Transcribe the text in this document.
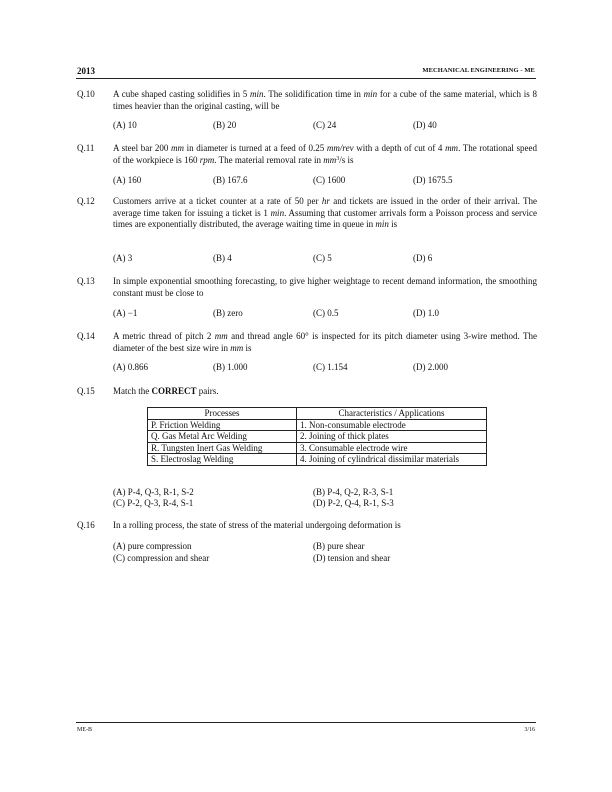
2013	MECHANICAL ENGINEERING - ME
Q.10 A cube shaped casting solidifies in 5 min. The solidification time in min for a cube of the same material, which is 8 times heavier than the original casting, will be
(A) 10	(B) 20	(C) 24	(D) 40
Q.11 A steel bar 200 mm in diameter is turned at a feed of 0.25 mm/rev with a depth of cut of 4 mm. The rotational speed of the workpiece is 160 rpm. The material removal rate in $mm^3/s$ is
(A) 160	(B) 167.6	(C) 1600	(D) 1675.5
Q.12 Customers arrive at a ticket counter at a rate of 50 per hr and tickets are issued in the order of their arrival. The average time taken for issuing a ticket is 1 min. Assuming that customer arrivals form a Poisson process and service times are exponentially distributed, the average waiting time in queue in min is
(A) 3	(B) 4	(C) 5	(D) 6
Q.13 In simple exponential smoothing forecasting, to give higher weightage to recent demand information, the smoothing constant must be close to
(A) −1	(B) zero	(C) 0.5	(D) 1.0
Q.14 A metric thread of pitch 2 mm and thread angle 60° is inspected for its pitch diameter using 3-wire method. The diameter of the best size wire in mm is
(A) 0.866	(B) 1.000	(C) 1.154	(D) 2.000
Q.15 Match the CORRECT pairs.
Processes	Characteristics / Applications
P. Friction Welding	1. Non-consumable electrode
Q. Gas Metal Arc Welding	2. Joining of thick plates
R. Tungsten Inert Gas Welding	3. Consumable electrode wire
S. Electroslag Welding	4. Joining of cylindrical dissimilar materials
(A) P-4, Q-3, R-1, S-2	(B) P-4, Q-2, R-3, S-1
(C) P-2, Q-3, R-4, S-1	(D) P-2, Q-4, R-1, S-3
Q.16 In a rolling process, the state of stress of the material undergoing deformation is
(A) pure compression	(B) pure shear
(C) compression and shear	(D) tension and shear
ME-B	3/16
